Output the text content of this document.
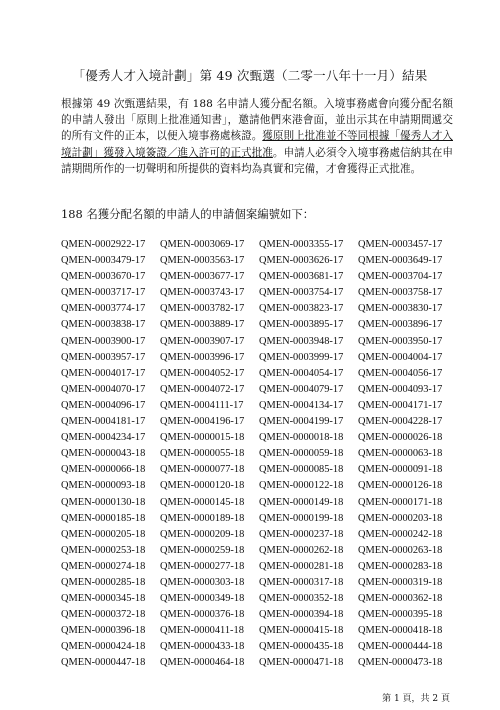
「優秀人才入境計劃」第 49 次甄選（二零一八年十一月）結果
根據第 49 次甄選結果，有 188 名申請人獲分配名額。入境事務處會向獲分配名額的申請人發出「原則上批准通知書」，邀請他們來港會面，並出示其在申請期間遞交的所有文件的正本，以便入境事務處核證。獲原則上批准並不等同根據「優秀人才入境計劃」獲發入境簽證／進入許可的正式批准。申請人必須令入境事務處信納其在申請期間所作的一切聲明和所提供的資料均為真實和完備，才會獲得正式批准。
188 名獲分配名額的申請人的申請個案編號如下：
QMEN-0002922-17	QMEN-0003069-17	QMEN-0003355-17	QMEN-0003457-17
QMEN-0003479-17	QMEN-0003563-17	QMEN-0003626-17	QMEN-0003649-17
QMEN-0003670-17	QMEN-0003677-17	QMEN-0003681-17	QMEN-0003704-17
QMEN-0003717-17	QMEN-0003743-17	QMEN-0003754-17	QMEN-0003758-17
QMEN-0003774-17	QMEN-0003782-17	QMEN-0003823-17	QMEN-0003830-17
QMEN-0003838-17	QMEN-0003889-17	QMEN-0003895-17	QMEN-0003896-17
QMEN-0003900-17	QMEN-0003907-17	QMEN-0003948-17	QMEN-0003950-17
QMEN-0003957-17	QMEN-0003996-17	QMEN-0003999-17	QMEN-0004004-17
QMEN-0004017-17	QMEN-0004052-17	QMEN-0004054-17	QMEN-0004056-17
QMEN-0004070-17	QMEN-0004072-17	QMEN-0004079-17	QMEN-0004093-17
QMEN-0004096-17	QMEN-0004111-17	QMEN-0004134-17	QMEN-0004171-17
QMEN-0004181-17	QMEN-0004196-17	QMEN-0004199-17	QMEN-0004228-17
QMEN-0004234-17	QMEN-0000015-18	QMEN-0000018-18	QMEN-0000026-18
QMEN-0000043-18	QMEN-0000055-18	QMEN-0000059-18	QMEN-0000063-18
QMEN-0000066-18	QMEN-0000077-18	QMEN-0000085-18	QMEN-0000091-18
QMEN-0000093-18	QMEN-0000120-18	QMEN-0000122-18	QMEN-0000126-18
QMEN-0000130-18	QMEN-0000145-18	QMEN-0000149-18	QMEN-0000171-18
QMEN-0000185-18	QMEN-0000189-18	QMEN-0000199-18	QMEN-0000203-18
QMEN-0000205-18	QMEN-0000209-18	QMEN-0000237-18	QMEN-0000242-18
QMEN-0000253-18	QMEN-0000259-18	QMEN-0000262-18	QMEN-0000263-18
QMEN-0000274-18	QMEN-0000277-18	QMEN-0000281-18	QMEN-0000283-18
QMEN-0000285-18	QMEN-0000303-18	QMEN-0000317-18	QMEN-0000319-18
QMEN-0000345-18	QMEN-0000349-18	QMEN-0000352-18	QMEN-0000362-18
QMEN-0000372-18	QMEN-0000376-18	QMEN-0000394-18	QMEN-0000395-18
QMEN-0000396-18	QMEN-0000411-18	QMEN-0000415-18	QMEN-0000418-18
QMEN-0000424-18	QMEN-0000433-18	QMEN-0000435-18	QMEN-0000444-18
QMEN-0000447-18	QMEN-0000464-18	QMEN-0000471-18	QMEN-0000473-18
第 1 頁，共 2 頁
